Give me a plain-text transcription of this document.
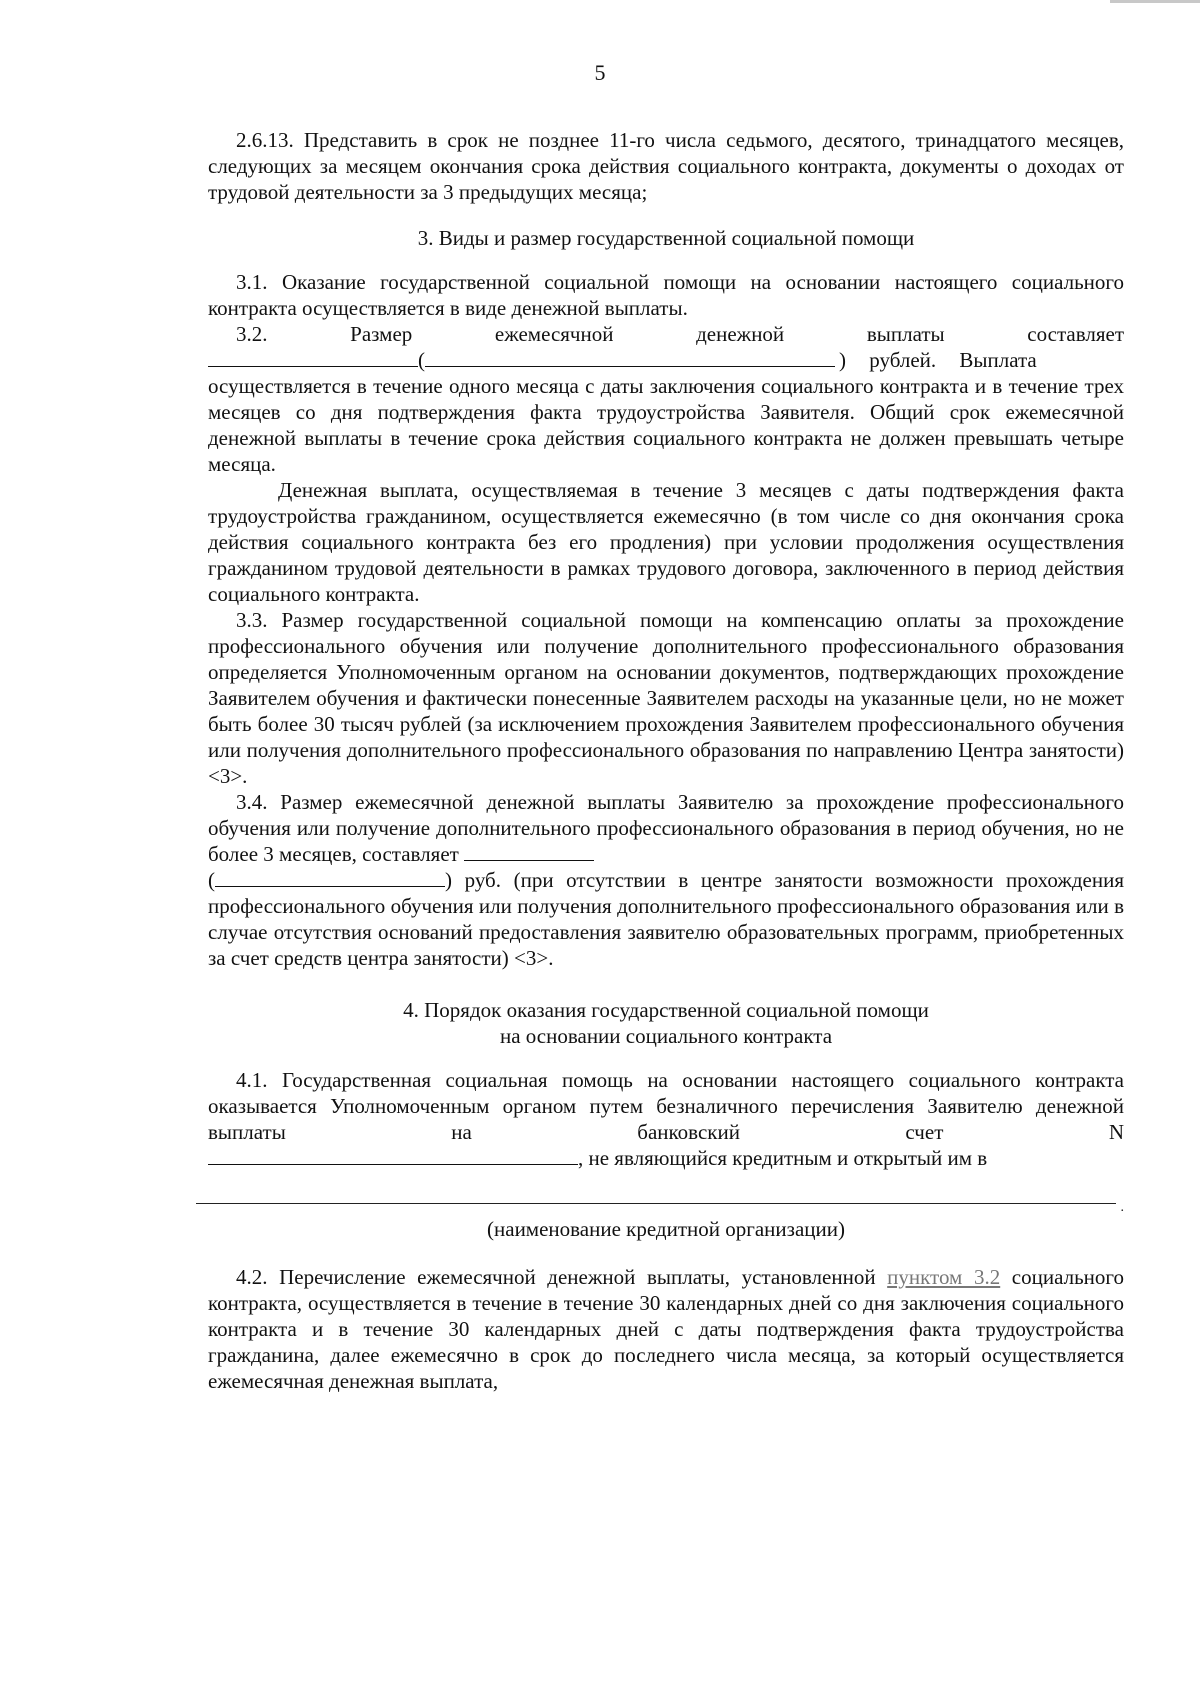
5

2.6.13. Представить в срок не позднее 11-го числа седьмого, десятого, тринадцатого месяцев, следующих за месяцем окончания срока действия социального контракта, документы о доходах от трудовой деятельности за 3 предыдущих месяца;

3. Виды и размер государственной социальной помощи

3.1. Оказание государственной социальной помощи на основании настоящего социального контракта осуществляется в виде денежной выплаты.

3.2. Размер ежемесячной денежной выплаты составляет

(	) рублей. Выплата

осуществляется в течение одного месяца с даты заключения социального контракта и в течение трех месяцев со дня подтверждения факта трудоустройства Заявителя. Общий срок ежемесячной денежной выплаты в течение срока действия социального контракта не должен превышать четыре месяца.

Денежная выплата, осуществляемая в течение 3 месяцев с даты подтверждения факта трудоустройства гражданином, осуществляется ежемесячно (в том числе со дня окончания срока действия социального контракта без его продления) при условии продолжения осуществления гражданином трудовой деятельности в рамках трудового договора, заключенного в период действия социального контракта.

3.3. Размер государственной социальной помощи на компенсацию оплаты за прохождение профессионального обучения или получение дополнительного профессионального образования определяется Уполномоченным органом на основании документов, подтверждающих прохождение Заявителем обучения и фактически понесенные Заявителем расходы на указанные цели, но не может быть более 30 тысяч рублей (за исключением прохождения Заявителем профессионального обучения или получения дополнительного профессионального образования по направлению Центра занятости) <3>.

3.4. Размер ежемесячной денежной выплаты Заявителю за прохождение профессионального обучения или получение дополнительного профессионального образования в период обучения, но не более 3 месяцев, составляет

(	) руб. (при отсутствии в центре занятости возможности прохождения профессионального обучения или получения дополнительного профессионального образования или в случае отсутствия оснований предоставления заявителю образовательных программ, приобретенных за счет средств центра занятости) <3>.

4. Порядок оказания государственной социальной помощи

на основании социального контракта

4.1. Государственная социальная помощь на основании настоящего социального контракта оказывается Уполномоченным органом путем безналичного перечисления Заявителю денежной выплаты на банковский счет N

, не являющийся кредитным и открытый им в

.

(наименование кредитной организации)

4.2. Перечисление ежемесячной денежной выплаты, установленной пунктом 3.2 социального контракта, осуществляется в течение в течение 30 календарных дней со дня заключения социального контракта и в течение 30 календарных дней с даты подтверждения факта трудоустройства гражданина, далее ежемесячно в срок до последнего числа месяца, за который осуществляется ежемесячная денежная выплата,
